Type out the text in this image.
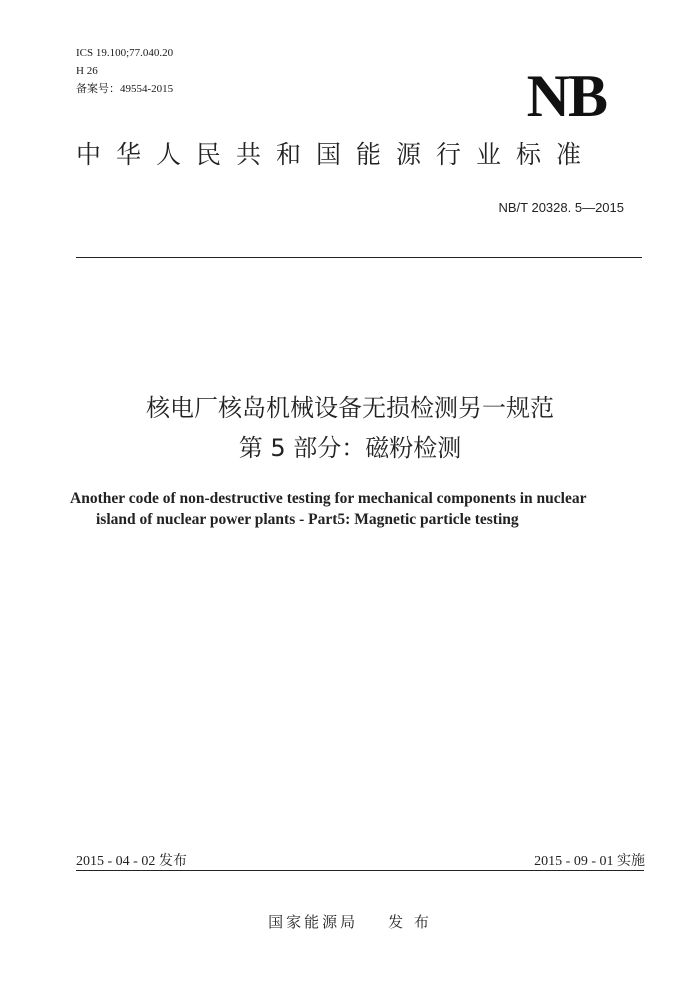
ICS 19.100;77.040.20
H 26
备案号：49554-2015	NB
中华人民共和国能源行业标准
NB/T 20328. 5—2015
核电厂核岛机械设备无损检测另一规范
第 5 部分：磁粉检测
Another code of non-destructive testing for mechanical components in nuclear
island of nuclear power plants - Part5: Magnetic particle testing
2015 - 04 - 02 发布	2015 - 09 - 01 实施
国家能源局 发 布
